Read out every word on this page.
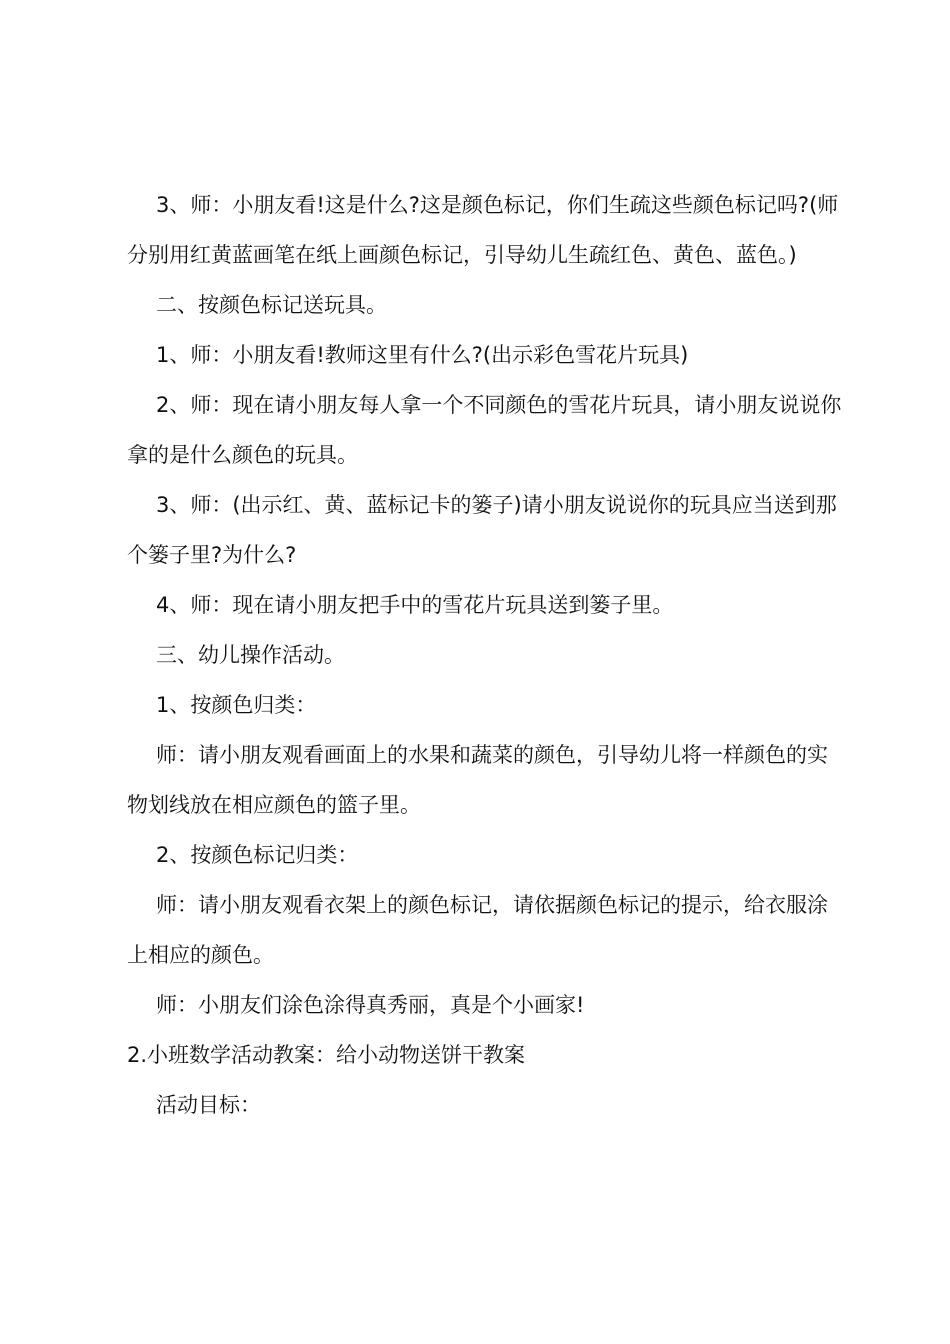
3、师：小朋友看!这是什么?这是颜色标记，你们生疏这些颜色标记吗?(师分别用红黄蓝画笔在纸上画颜色标记，引导幼儿生疏红色、黄色、蓝色。)

二、按颜色标记送玩具。

1、师：小朋友看!教师这里有什么?(出示彩色雪花片玩具)

2、师：现在请小朋友每人拿一个不同颜色的雪花片玩具，请小朋友说说你拿的是什么颜色的玩具。

3、师：(出示红、黄、蓝标记卡的篓子)请小朋友说说你的玩具应当送到那个篓子里?为什么?

4、师：现在请小朋友把手中的雪花片玩具送到篓子里。

三、幼儿操作活动。

1、按颜色归类：

师：请小朋友观看画面上的水果和蔬菜的颜色，引导幼儿将一样颜色的实物划线放在相应颜色的篮子里。

2、按颜色标记归类：

师：请小朋友观看衣架上的颜色标记，请依据颜色标记的提示，给衣服涂上相应的颜色。

师：小朋友们涂色涂得真秀丽，真是个小画家!

2.小班数学活动教案：给小动物送饼干教案

活动目标：
